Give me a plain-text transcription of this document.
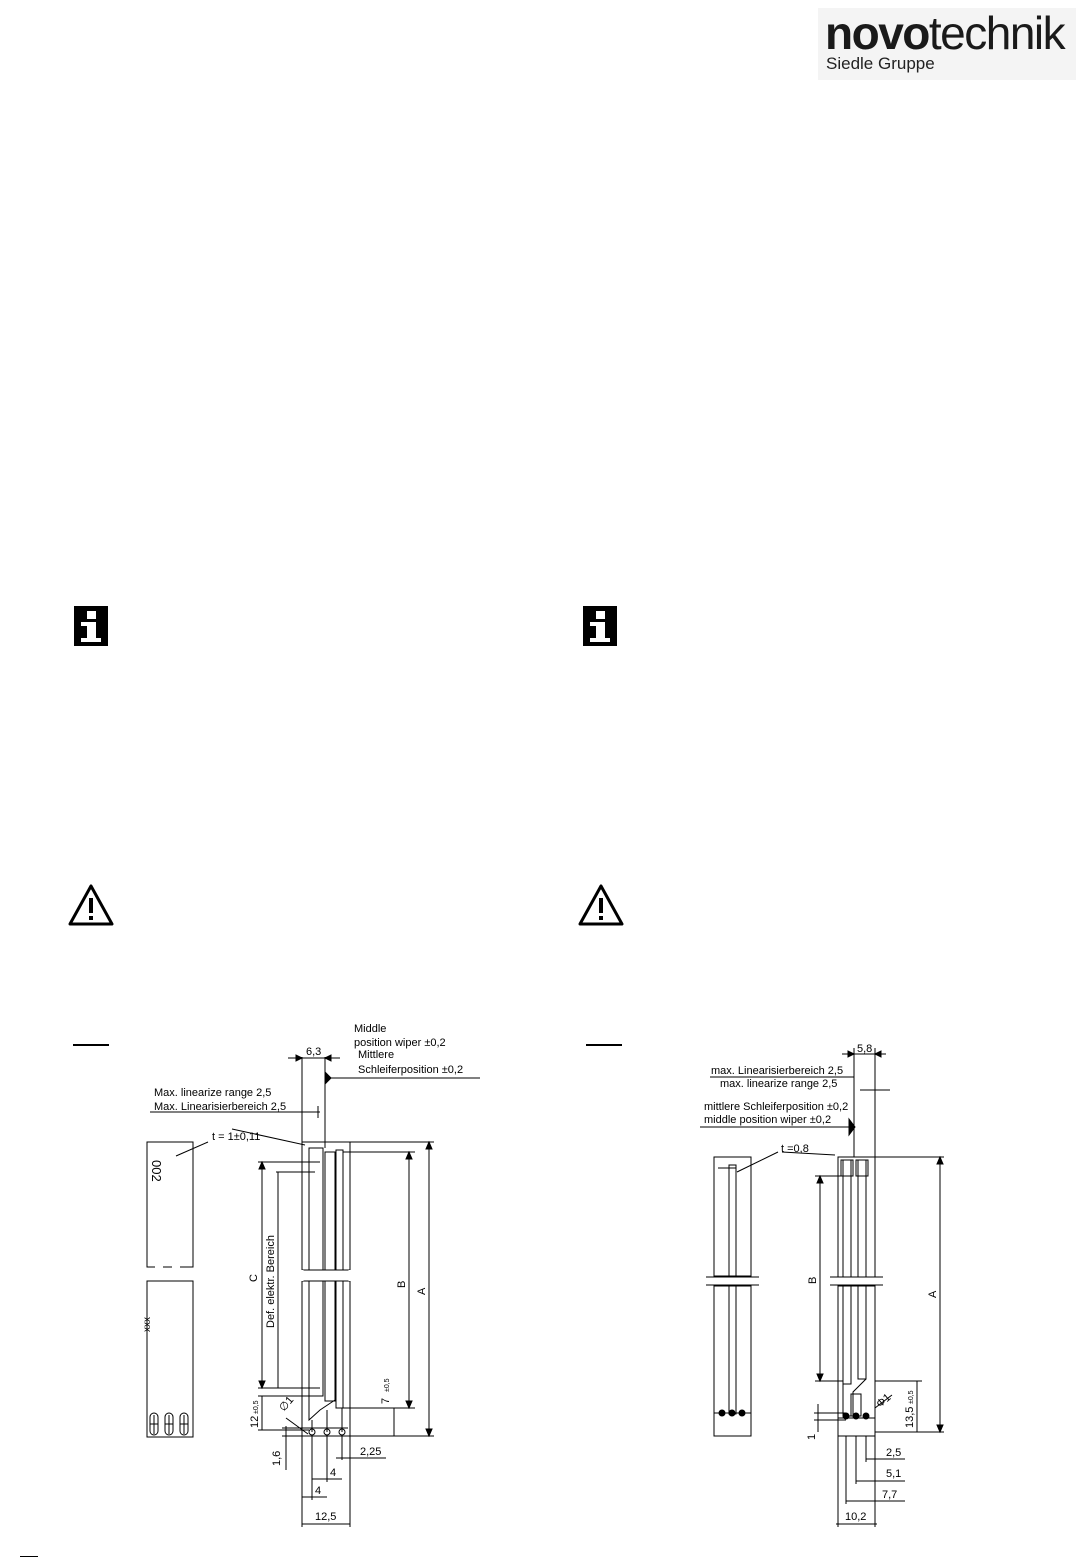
novotechnik
Siedle Gruppe
Middle
position wiper ±0,2
Mittlere
Schleiferposition ±0,2
6,3
Max. linearize range 2,5
Max. Linearisierbereich 2,5
t = 1±0,11
002
xxx
C Def. elektr. Bereich	B
A
7
±0,5
12
±0,5 ∅1
1,6	2,25
4
4
12,5
5,8
max. Linearisierbereich 2,5
max. linearize range 2,5
mittlere Schleiferposition ±0,2
middle position wiper ±0,2
t =0,8
B
A
Φ1
13,5
±0,5
1
2,5
5,1
7,7
10,2
